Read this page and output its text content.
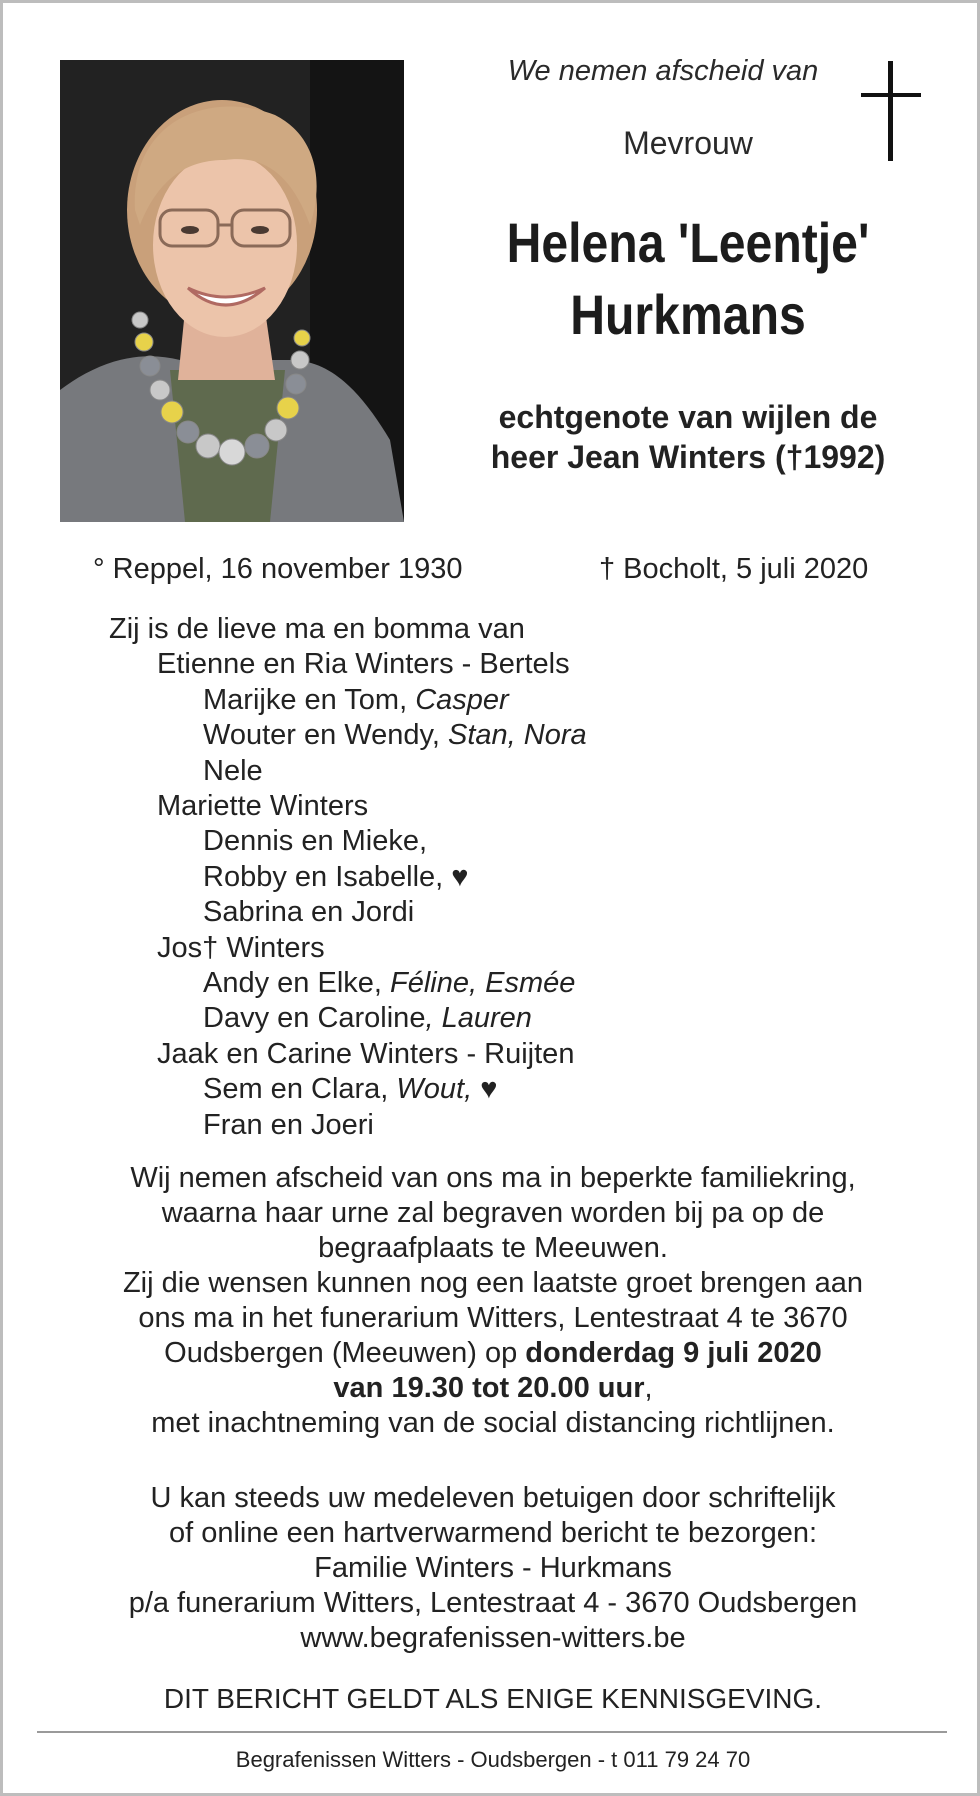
We nemen afscheid van
Mevrouw
Helena 'Leentje'
Hurkmans
echtgenote van wijlen de
heer Jean Winters (†1992)
° Reppel, 16 november 1930	† Bocholt, 5 juli 2020
Zij is de lieve ma en bomma van
Etienne en Ria Winters - Bertels
Marijke en Tom, Casper
Wouter en Wendy, Stan, Nora
Nele
Mariette Winters
Dennis en Mieke,
Robby en Isabelle, ♥
Sabrina en Jordi
Jos† Winters
Andy en Elke, Féline, Esmée
Davy en Caroline, Lauren
Jaak en Carine Winters - Ruijten
Sem en Clara, Wout, ♥
Fran en Joeri
Wij nemen afscheid van ons ma in beperkte familiekring,
waarna haar urne zal begraven worden bij pa op de
begraafplaats te Meeuwen.
Zij die wensen kunnen nog een laatste groet brengen aan
ons ma in het funerarium Witters, Lentestraat 4 te 3670
Oudsbergen (Meeuwen) op donderdag 9 juli 2020
van 19.30 tot 20.00 uur,
met inachtneming van de social distancing richtlijnen.
U kan steeds uw medeleven betuigen door schriftelijk
of online een hartverwarmend bericht te bezorgen:
Familie Winters - Hurkmans
p/a funerarium Witters, Lentestraat 4 - 3670 Oudsbergen
www.begrafenissen-witters.be
DIT BERICHT GELDT ALS ENIGE KENNISGEVING.
Begrafenissen Witters - Oudsbergen - t 011 79 24 70
